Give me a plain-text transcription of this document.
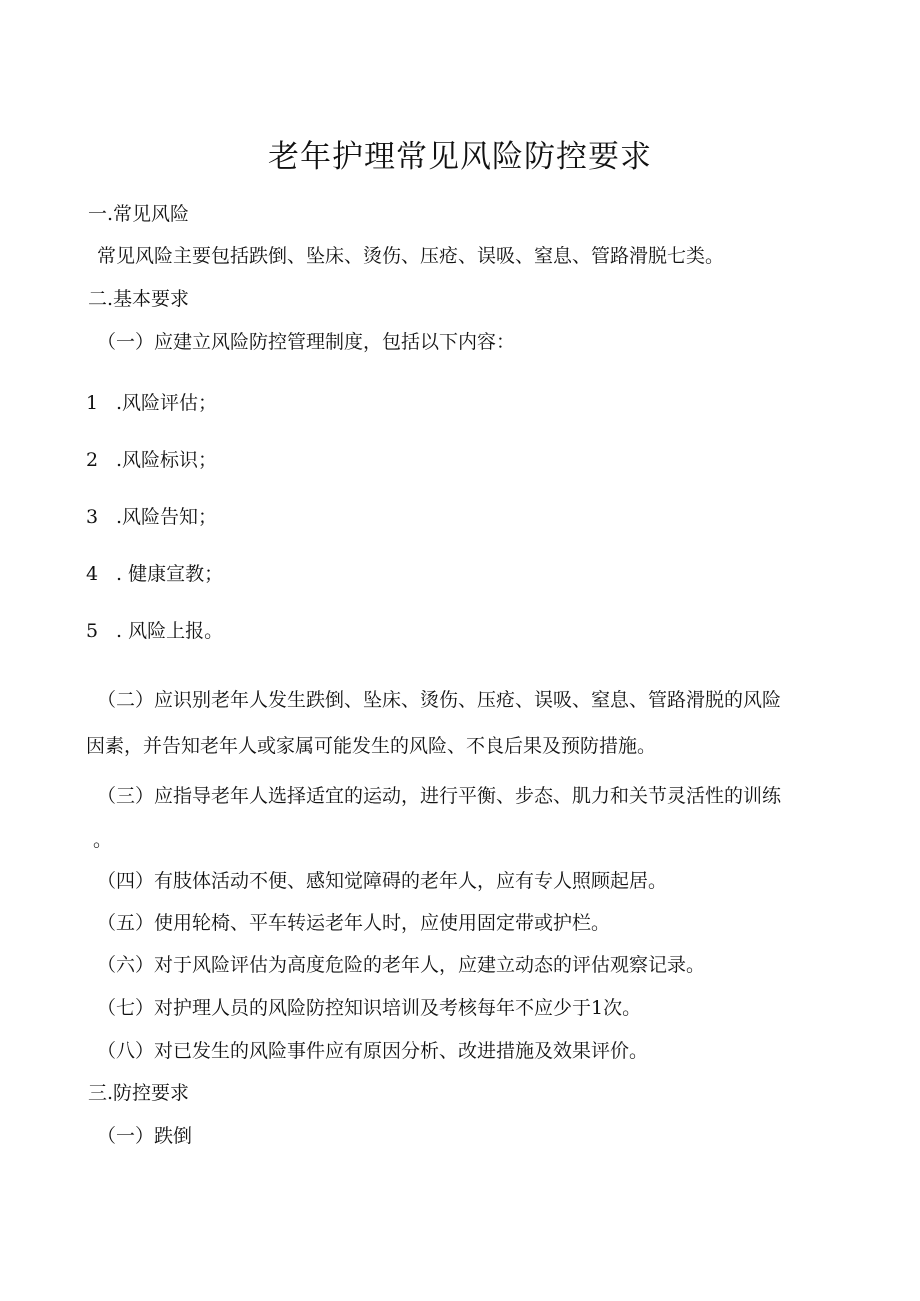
老年护理常见风险防控要求
一.常见风险
常见风险主要包括跌倒、坠床、烫伤、压疮、误吸、窒息、管路滑脱七类。
二.基本要求
（一）应建立风险防控管理制度，包括以下内容：
1 .风险评估；
2 .风险标识；
3 .风险告知；
4 . 健康宣教；
5 . 风险上报。
（二）应识别老年人发生跌倒、坠床、烫伤、压疮、误吸、窒息、管路滑脱的风险
因素，并告知老年人或家属可能发生的风险、不良后果及预防措施。
（三）应指导老年人选择适宜的运动，进行平衡、步态、肌力和关节灵活性的训练
。
（四）有肢体活动不便、感知觉障碍的老年人，应有专人照顾起居。
（五）使用轮椅、平车转运老年人时，应使用固定带或护栏。
（六）对于风险评估为高度危险的老年人，应建立动态的评估观察记录。
（七）对护理人员的风险防控知识培训及考核每年不应少于1次。
（八）对已发生的风险事件应有原因分析、改进措施及效果评价。
三.防控要求
（一）跌倒
